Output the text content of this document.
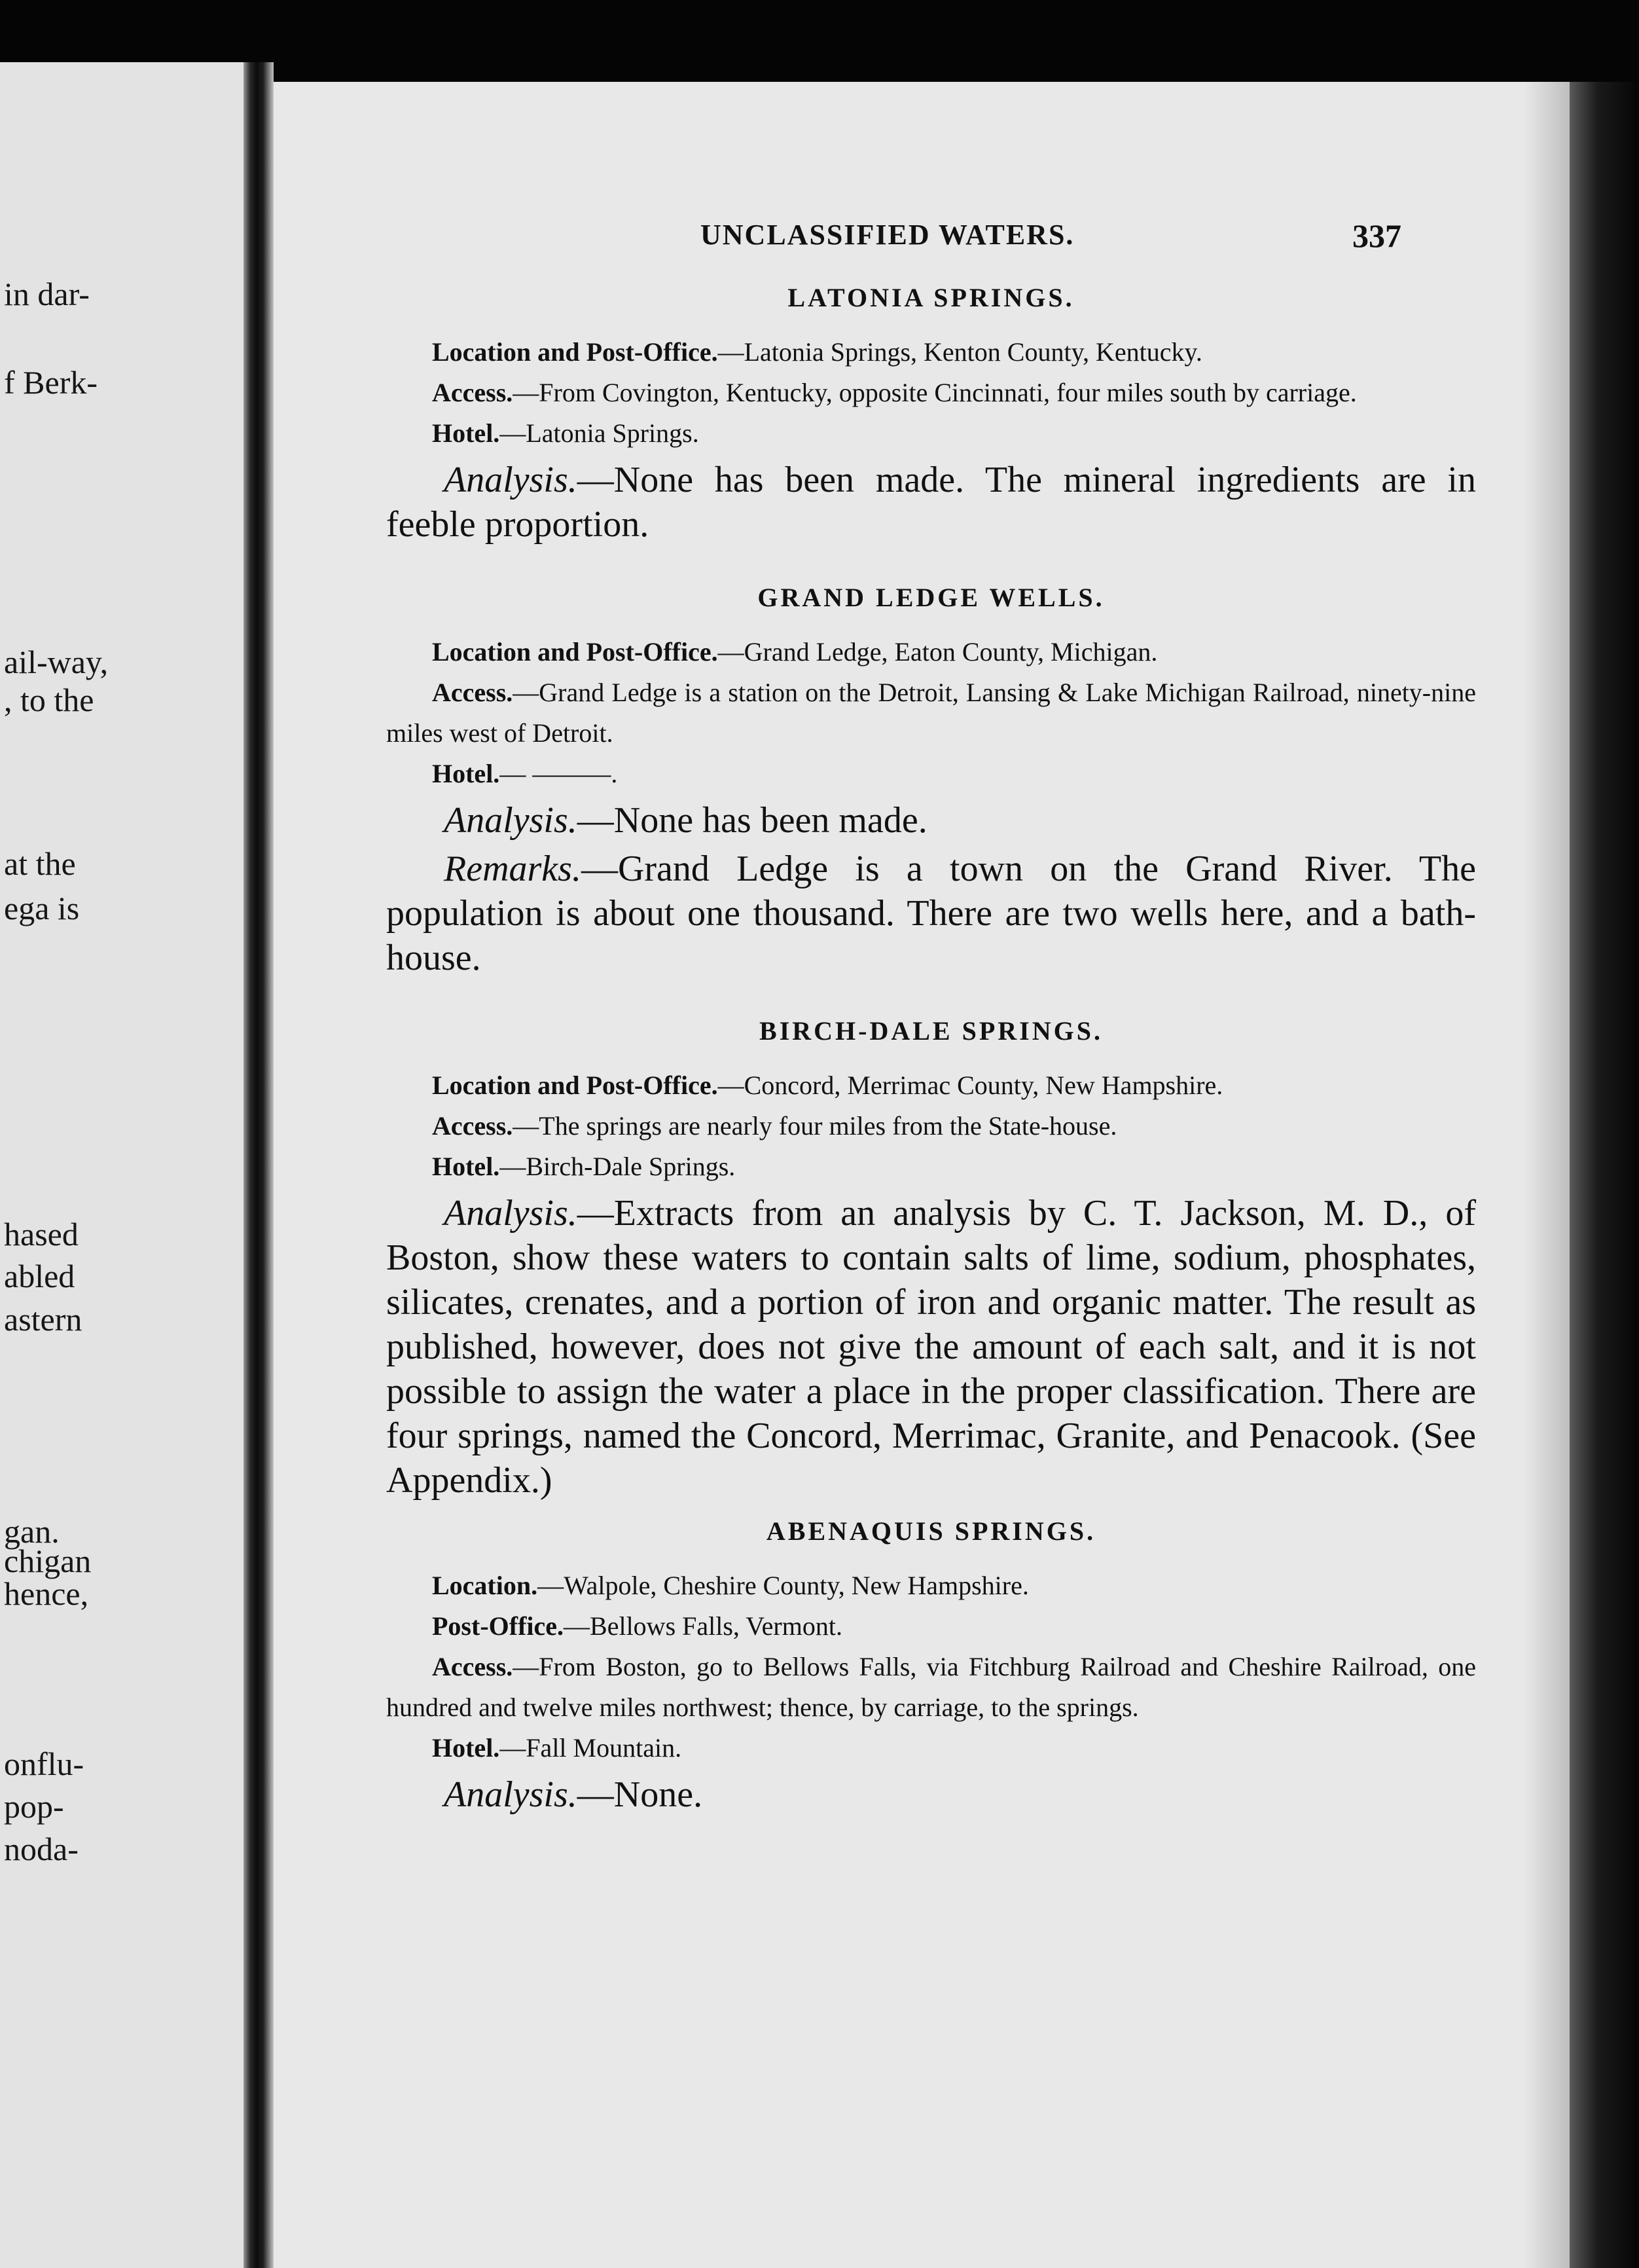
in dar-
f Berk-
ail-way,
, to the
at the
ega is
hased
abled
astern
gan.
chigan
hence,
onflu-
pop-
noda-
UNCLASSIFIED WATERS.	337
LATONIA SPRINGS.

Location and Post-Office.—Latonia Springs, Kenton County, Kentucky.

Access.—From Covington, Kentucky, opposite Cincinnati, four miles south by carriage.

Hotel.—Latonia Springs.

Analysis.—None has been made. The mineral ingredients are in feeble proportion.

GRAND LEDGE WELLS.

Location and Post-Office.—Grand Ledge, Eaton County, Michigan.

Access.—Grand Ledge is a station on the Detroit, Lansing & Lake Michigan Railroad, ninety-nine miles west of Detroit.

Hotel.— ———.

Analysis.—None has been made.

Remarks.—Grand Ledge is a town on the Grand River. The population is about one thousand. There are two wells here, and a bath-house.

BIRCH-DALE SPRINGS.

Location and Post-Office.—Concord, Merrimac County, New Hampshire.

Access.—The springs are nearly four miles from the State-house.

Hotel.—Birch-Dale Springs.

Analysis.—Extracts from an analysis by C. T. Jackson, M. D., of Boston, show these waters to contain salts of lime, sodium, phosphates, silicates, crenates, and a portion of iron and organic matter. The result as published, however, does not give the amount of each salt, and it is not possible to assign the water a place in the proper classification. There are four springs, named the Concord, Merrimac, Granite, and Penacook. (See Appendix.)

ABENAQUIS SPRINGS.

Location.—Walpole, Cheshire County, New Hampshire.

Post-Office.—Bellows Falls, Vermont.

Access.—From Boston, go to Bellows Falls, via Fitchburg Railroad and Cheshire Railroad, one hundred and twelve miles northwest; thence, by carriage, to the springs.

Hotel.—Fall Mountain.

Analysis.—None.
